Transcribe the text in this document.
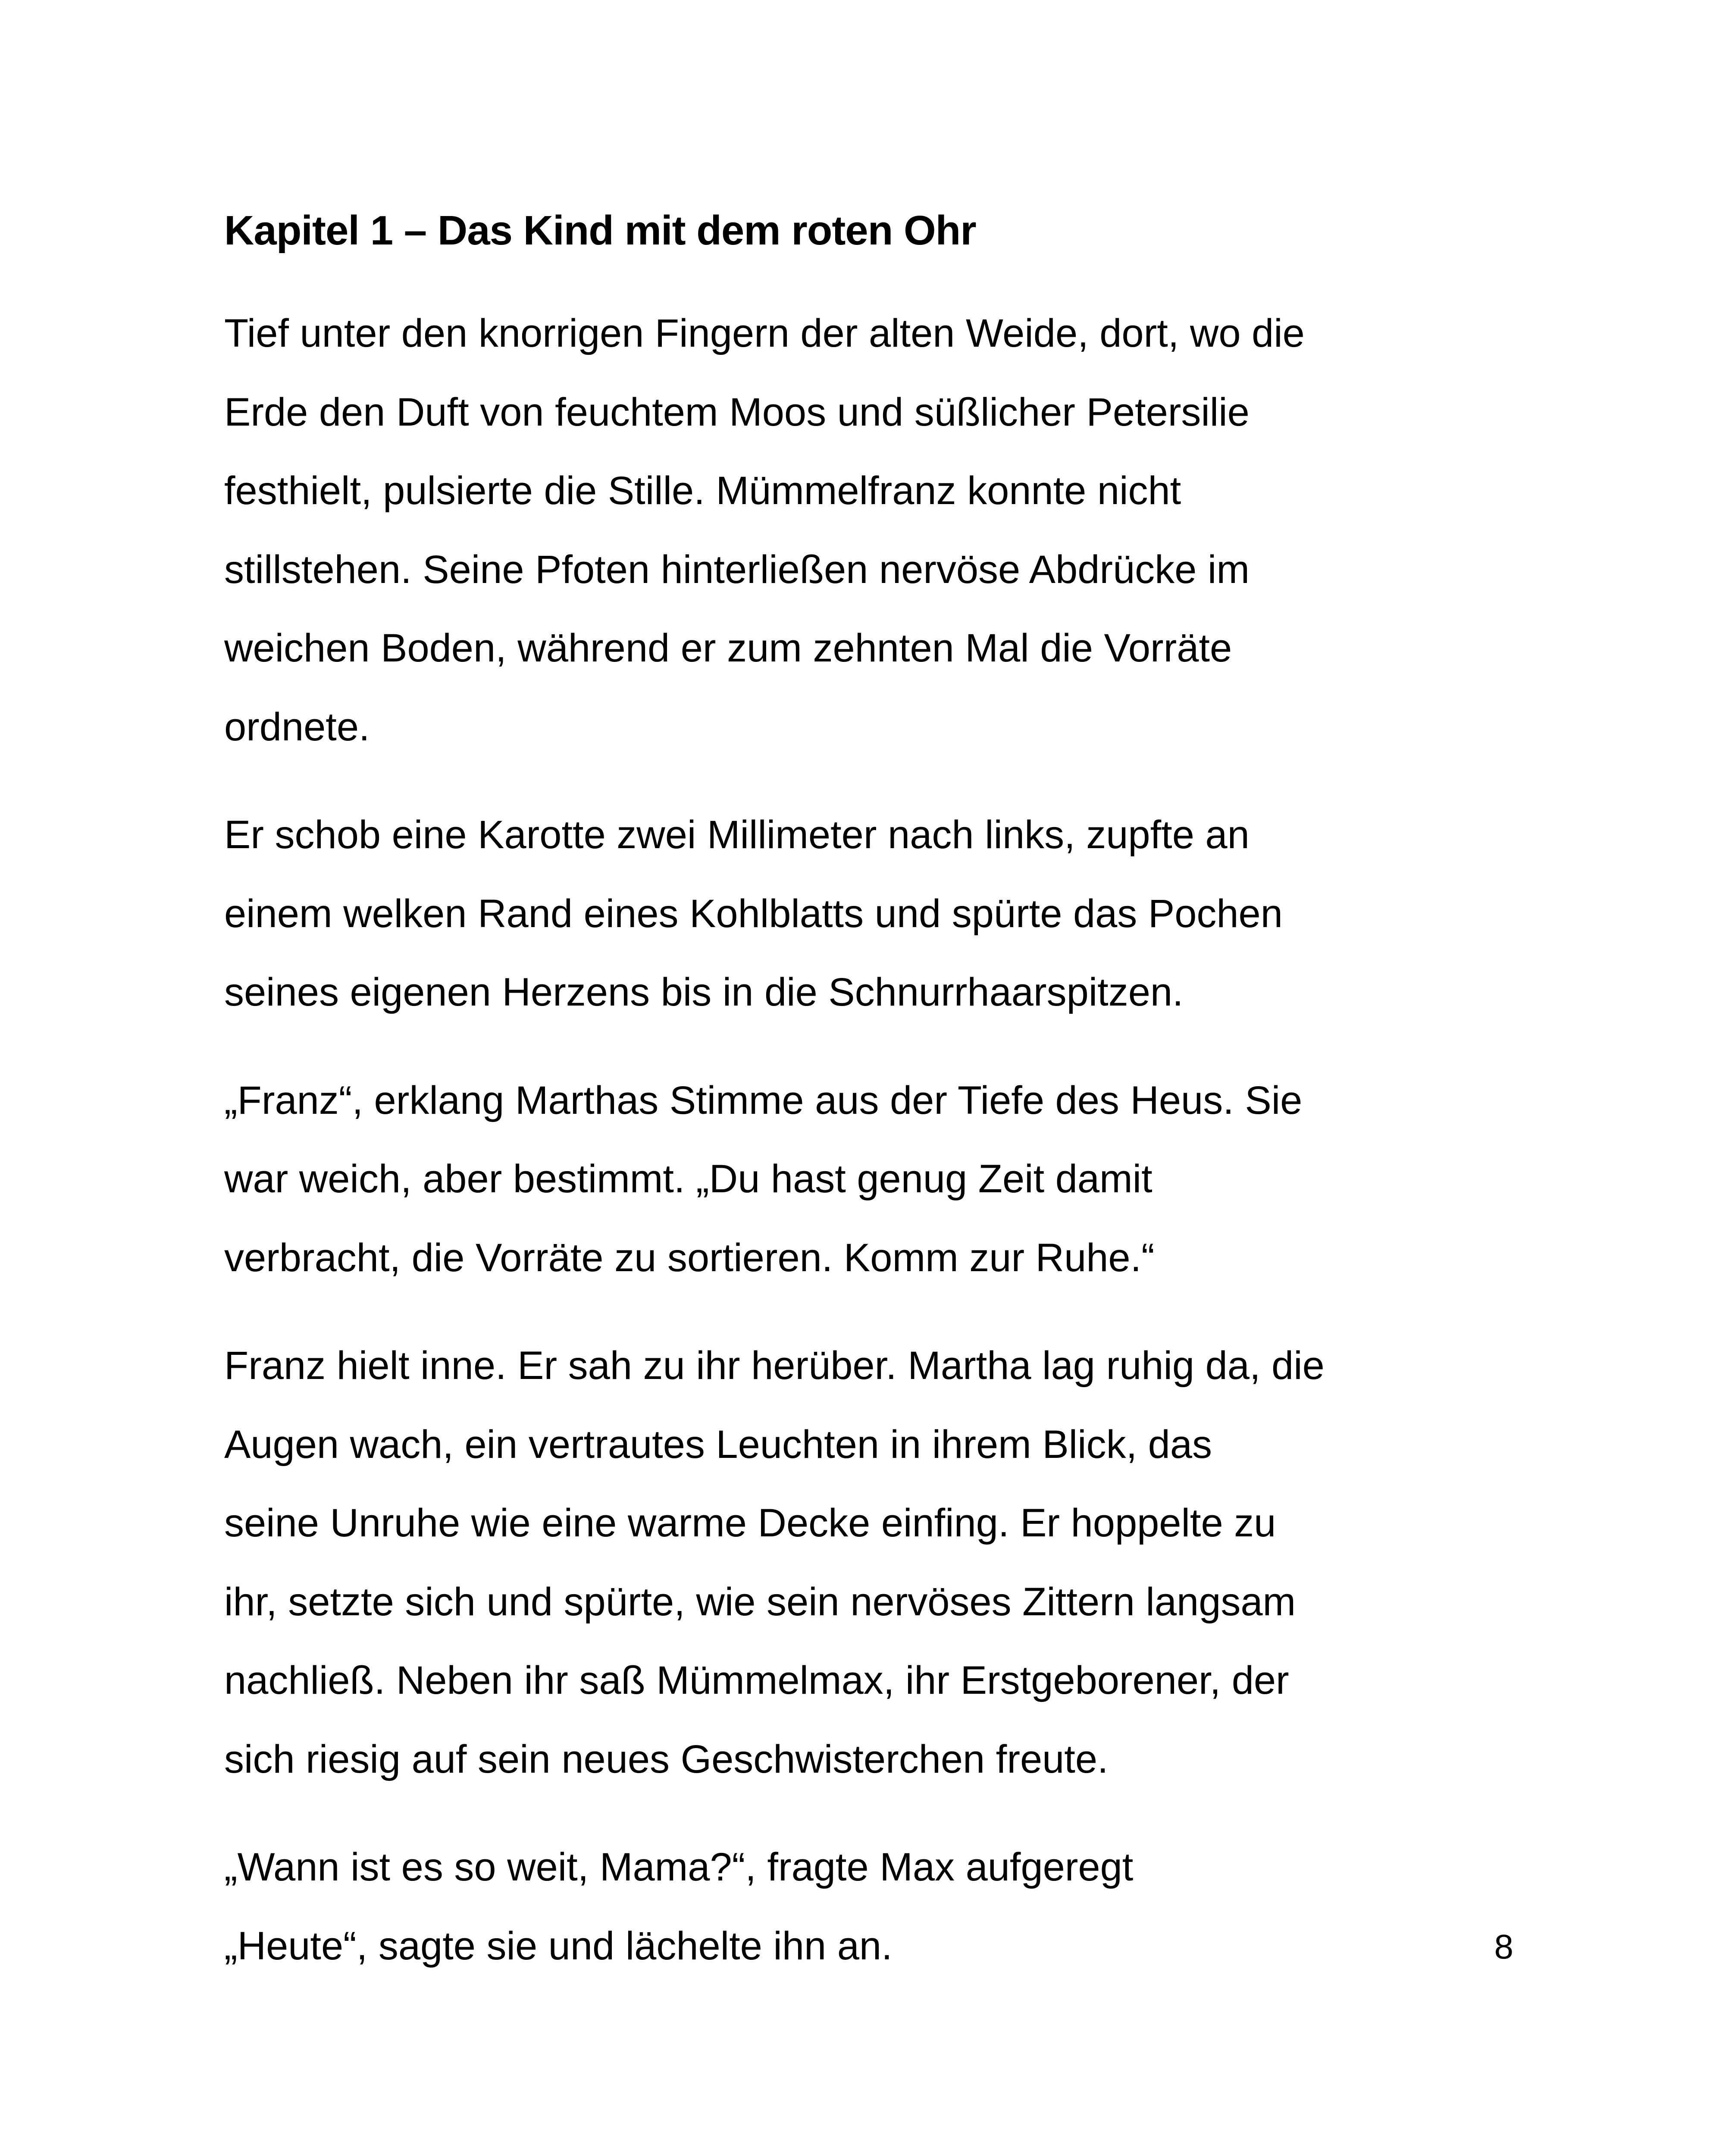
Kapitel 1 – Das Kind mit dem roten Ohr

Tief unter den knorrigen Fingern der alten Weide, dort, wo die
Erde den Duft von feuchtem Moos und süßlicher Petersilie
festhielt, pulsierte die Stille. Mümmelfranz konnte nicht
stillstehen. Seine Pfoten hinterließen nervöse Abdrücke im
weichen Boden, während er zum zehnten Mal die Vorräte
ordnete.

Er schob eine Karotte zwei Millimeter nach links, zupfte an
einem welken Rand eines Kohlblatts und spürte das Pochen
seines eigenen Herzens bis in die Schnurrhaarspitzen.

„Franz“, erklang Marthas Stimme aus der Tiefe des Heus. Sie
war weich, aber bestimmt. „Du hast genug Zeit damit
verbracht, die Vorräte zu sortieren. Komm zur Ruhe.“

Franz hielt inne. Er sah zu ihr herüber. Martha lag ruhig da, die
Augen wach, ein vertrautes Leuchten in ihrem Blick, das
seine Unruhe wie eine warme Decke einfing. Er hoppelte zu
ihr, setzte sich und spürte, wie sein nervöses Zittern langsam
nachließ. Neben ihr saß Mümmelmax, ihr Erstgeborener, der
sich riesig auf sein neues Geschwisterchen freute.

„Wann ist es so weit, Mama?“, fragte Max aufgeregt
„Heute“, sagte sie und lächelte ihn an.	8
